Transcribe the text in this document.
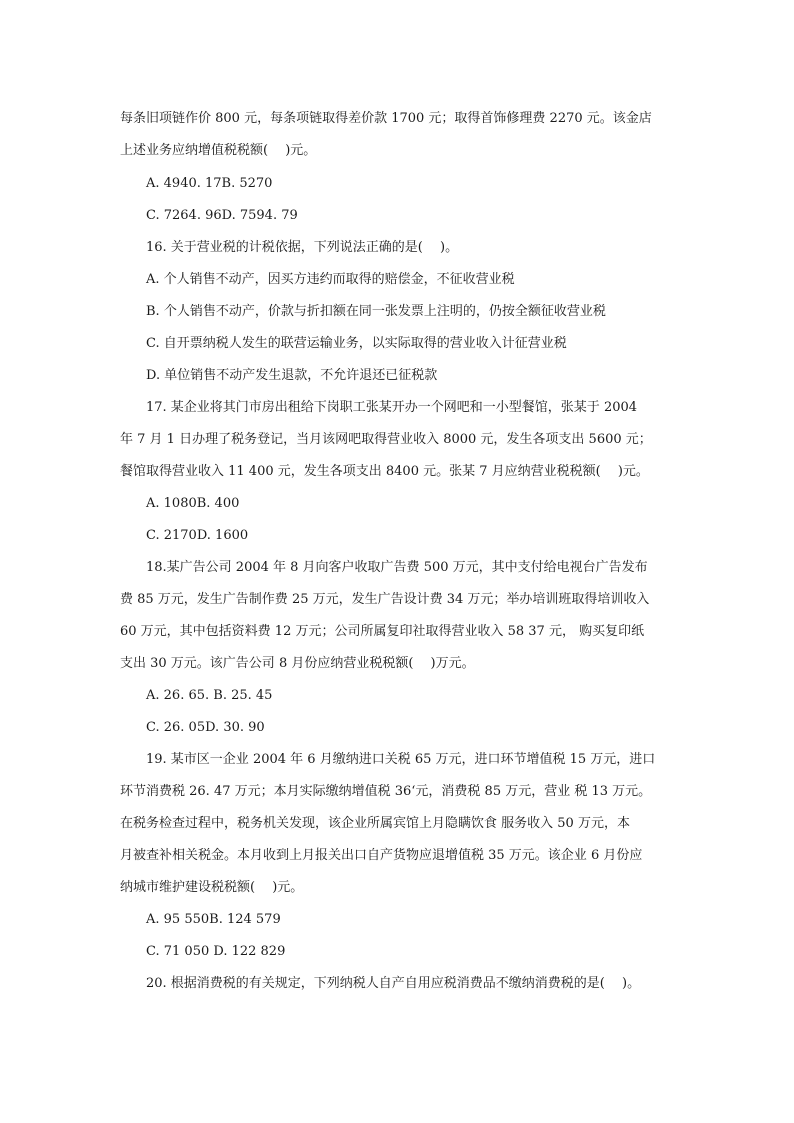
每条旧项链作价 800 元，每条项链取得差价款 1700 元；取得首饰修理费 2270 元。该金店
上述业务应纳增值税税额(　 )元。
A. 4940. 17B. 5270
C. 7264. 96D. 7594. 79
16. 关于营业税的计税依据，下列说法正确的是(　 )。
A. 个人销售不动产，因买方违约而取得的赔偿金，不征收营业税
B. 个人销售不动产，价款与折扣额在同一张发票上注明的，仍按全额征收营业税
C. 自开票纳税人发生的联营运输业务，以实际取得的营业收入计征营业税
D. 单位销售不动产发生退款，不允许退还已征税款
17. 某企业将其门市房出租给下岗职工张某开办一个网吧和一小型餐馆，张某于 2004
年 7 月 1 日办理了税务登记，当月该网吧取得营业收入 8000 元，发生各项支出 5600 元；
餐馆取得营业收入 11 400 元，发生各项支出 8400 元。张某 7 月应纳营业税税额(　 )元。
A. 1080B. 400
C. 2170D. 1600
18.某广告公司 2004 年 8 月向客户收取广告费 500 万元，其中支付给电视台广告发布
费 85 万元，发生广告制作费 25 万元，发生广告设计费 34 万元；举办培训班取得培训收入
60 万元，其中包括资料费 12 万元；公司所属复印社取得营业收入 58 37 元， 购买复印纸
支出 30 万元。该广告公司 8 月份应纳营业税税额(　 )万元。
A. 26. 65. B. 25. 45
C. 26. 05D. 30. 90
19. 某市区一企业 2004 年 6 月缴纳进口关税 65 万元，进口环节增值税 15 万元，进口
环节消费税 26. 47 万元；本月实际缴纳增值税 36‘元，消费税 85 万元，营业 税 13 万元。
在税务检查过程中，税务机关发现，该企业所属宾馆上月隐瞒饮食 服务收入 50 万元，本
月被查补相关税金。本月收到上月报关出口自产货物应退增值税 35 万元。该企业 6 月份应
纳城市维护建设税税额(　 )元。
A. 95 550B. 124 579
C. 71 050 D. 122 829
20. 根据消费税的有关规定，下列纳税人自产自用应税消费品不缴纳消费税的是(　 )。
